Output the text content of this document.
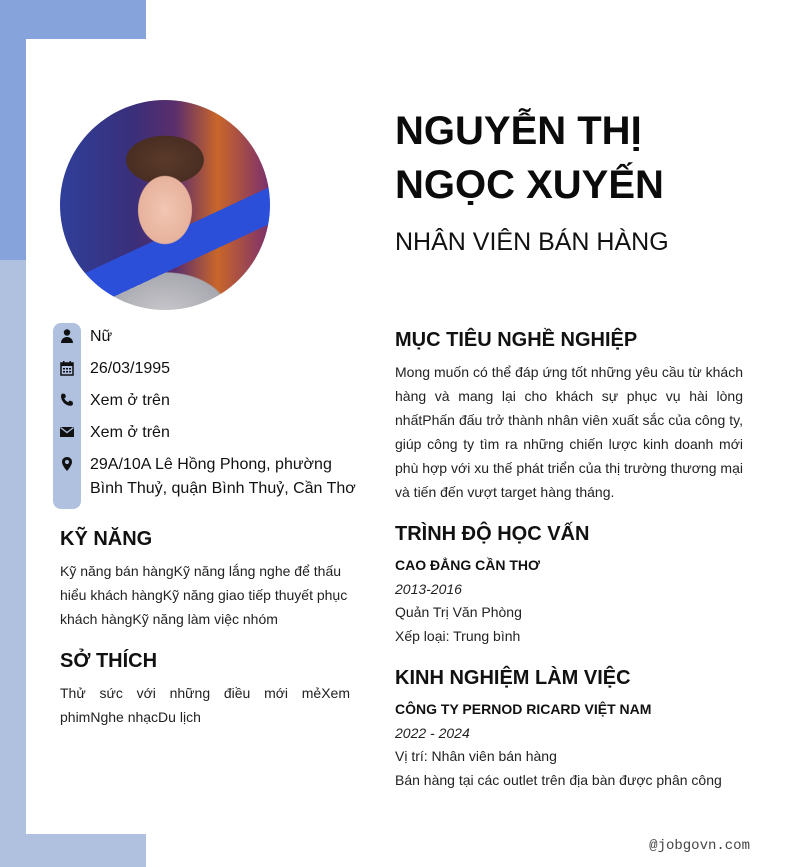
Nữ
26/03/1995
Xem ở trên
Xem ở trên
29A/10A Lê Hồng Phong, phường Bình Thuỷ, quận Bình Thuỷ, Cần Thơ
KỸ NĂNG
Kỹ năng bán hàngKỹ năng lắng nghe để thấu hiểu khách hàngKỹ năng giao tiếp thuyết phục khách hàngKỹ năng làm việc nhóm
SỞ THÍCH
Thử sức với những điều mới mẻXem phimNghe nhạcDu lịch
NGUYỄN THỊ NGỌC XUYẾN
NHÂN VIÊN BÁN HÀNG
MỤC TIÊU NGHỀ NGHIỆP
Mong muốn có thể đáp ứng tốt những yêu cầu từ khách hàng và mang lại cho khách sự phục vụ hài lòng nhấtPhấn đấu trở thành nhân viên xuất sắc của công ty, giúp công ty tìm ra những chiến lược kinh doanh mới phù hợp với xu thế phát triển của thị trường thương mại và tiến đến vượt target hàng tháng.
TRÌNH ĐỘ HỌC VẤN
CAO ĐẲNG CẦN THƠ
2013-2016
Quản Trị Văn Phòng
Xếp loại: Trung bình
KINH NGHIỆM LÀM VIỆC
CÔNG TY PERNOD RICARD VIỆT NAM
2022 - 2024
Vị trí: Nhân viên bán hàng
Bán hàng tại các outlet trên địa bàn được phân công
@jobgovn.com
